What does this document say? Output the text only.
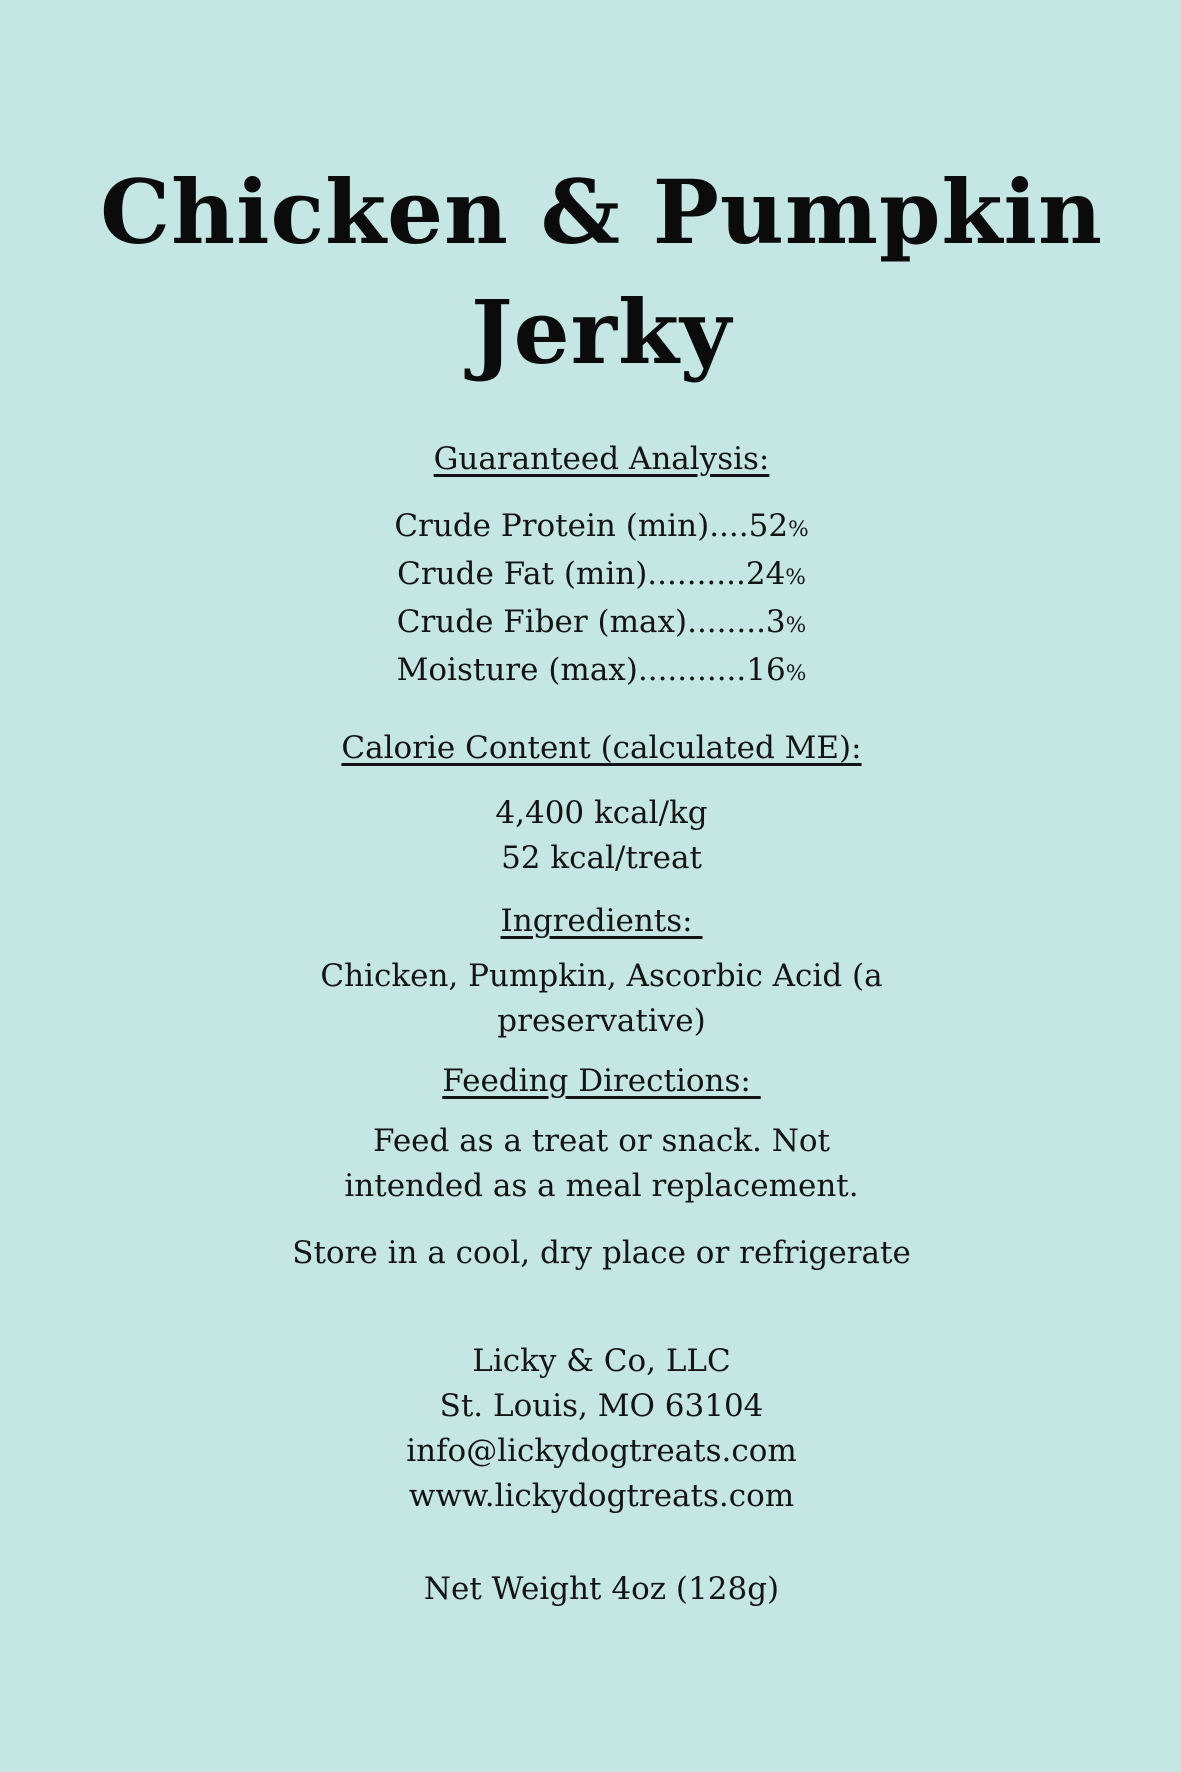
Chicken & Pumpkin
Jerky
Guaranteed Analysis:
Crude Protein (min)....52%
Crude Fat (min)..........24%
Crude Fiber (max)........3%
Moisture (max)...........16%
Calorie Content (calculated ME):
4,400 kcal/kg
52 kcal/treat
Ingredients:
Chicken, Pumpkin, Ascorbic Acid (a
preservative)
Feeding Directions:
Feed as a treat or snack. Not
intended as a meal replacement.
Store in a cool, dry place or refrigerate
Licky & Co, LLC
St. Louis, MO 63104
info@lickydogtreats.com
www.lickydogtreats.com
Net Weight 4oz (128g)
